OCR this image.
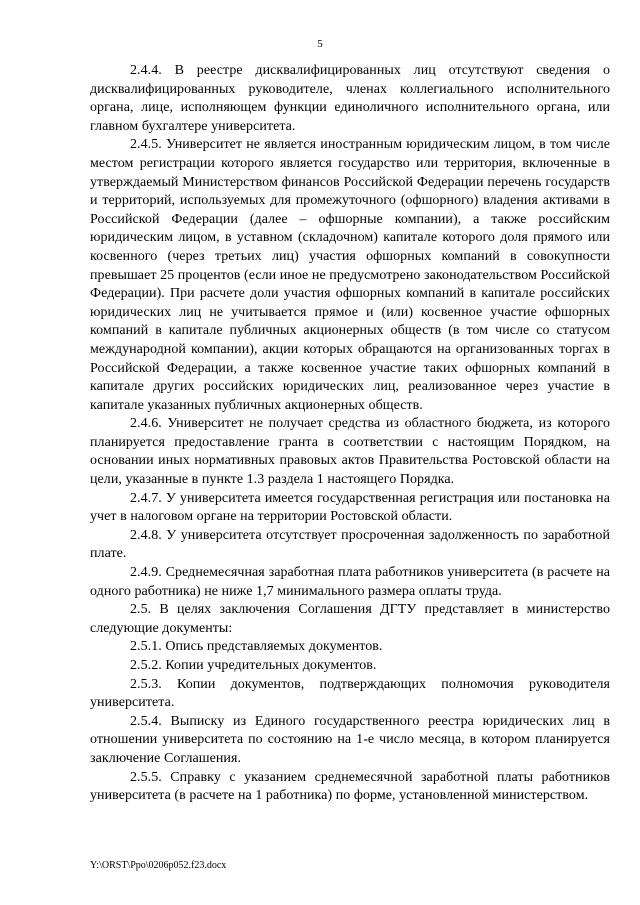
5

2.4.4. В реестре дисквалифицированных лиц отсутствуют сведения о дисквалифицированных руководителе, членах коллегиального исполнительного органа, лице, исполняющем функции единоличного исполнительного органа, или главном бухгалтере университета.

2.4.5. Университет не является иностранным юридическим лицом, в том числе местом регистрации которого является государство или территория, включенные в утверждаемый Министерством финансов Российской Федерации перечень государств и территорий, используемых для промежуточного (офшорного) владения активами в Российской Федерации (далее – офшорные компании), а также российским юридическим лицом, в уставном (складочном) капитале которого доля прямого или косвенного (через третьих лиц) участия офшорных компаний в совокупности превышает 25 процентов (если иное не предусмотрено законодательством Российской Федерации). При расчете доли участия офшорных компаний в капитале российских юридических лиц не учитывается прямое и (или) косвенное участие офшорных компаний в капитале публичных акционерных обществ (в том числе со статусом международной компании), акции которых обращаются на организованных торгах в Российской Федерации, а также косвенное участие таких офшорных компаний в капитале других российских юридических лиц, реализованное через участие в капитале указанных публичных акционерных обществ.

2.4.6. Университет не получает средства из областного бюджета, из которого планируется предоставление гранта в соответствии с настоящим Порядком, на основании иных нормативных правовых актов Правительства Ростовской области на цели, указанные в пункте 1.3 раздела 1 настоящего Порядка.

2.4.7. У университета имеется государственная регистрация или постановка на учет в налоговом органе на территории Ростовской области.

2.4.8. У университета отсутствует просроченная задолженность по заработной плате.

2.4.9. Среднемесячная заработная плата работников университета (в расчете на одного работника) не ниже 1,7 минимального размера оплаты труда.

2.5. В целях заключения Соглашения ДГТУ представляет в министерство следующие документы:

2.5.1. Опись представляемых документов.

2.5.2. Копии учредительных документов.

2.5.3. Копии документов, подтверждающих полномочия руководителя университета.

2.5.4. Выписку из Единого государственного реестра юридических лиц в отношении университета по состоянию на 1-е число месяца, в котором планируется заключение Соглашения.

2.5.5. Справку с указанием среднемесячной заработной платы работников университета (в расчете на 1 работника) по форме, установленной министерством.

Y:\ORST\Ppo\0206p052.f23.docx
